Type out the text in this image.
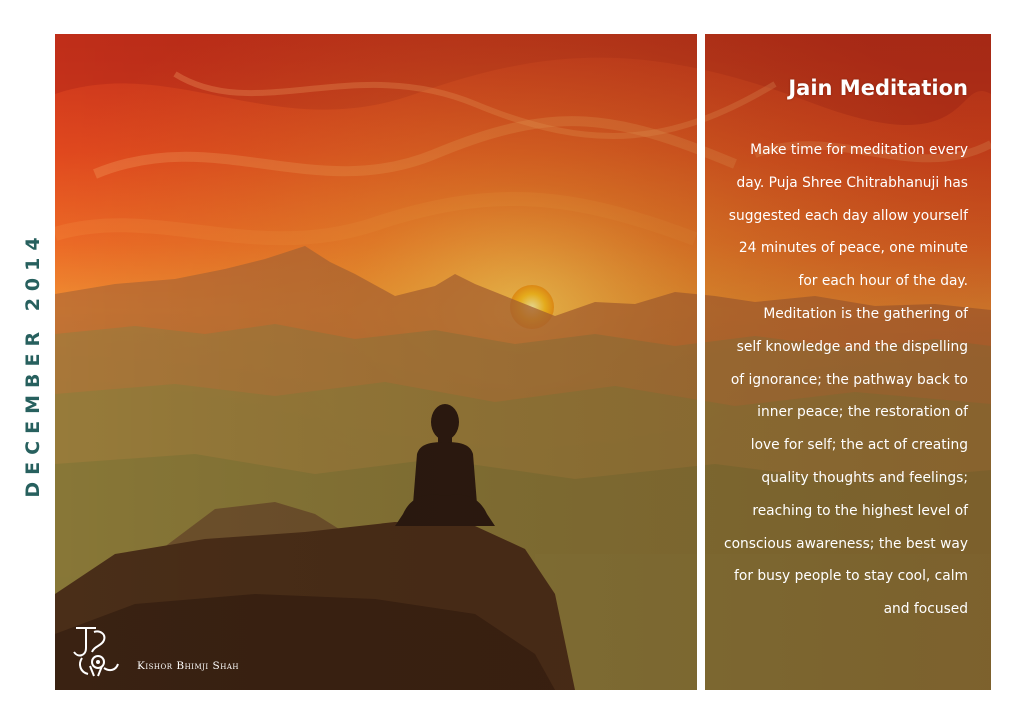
DECEMBER 2014
Jain Meditation
Make time for meditation every
day. Puja Shree Chitrabhanuji has
suggested each day allow yourself
24 minutes of peace, one minute
for each hour of the day.
Meditation is the gathering of
self knowledge and the dispelling
of ignorance; the pathway back to
inner peace; the restoration of
love for self; the act of creating
quality thoughts and feelings;
reaching to the highest level of
conscious awareness; the best way
for busy people to stay cool, calm
and focused
Kishor Bhimji Shah
